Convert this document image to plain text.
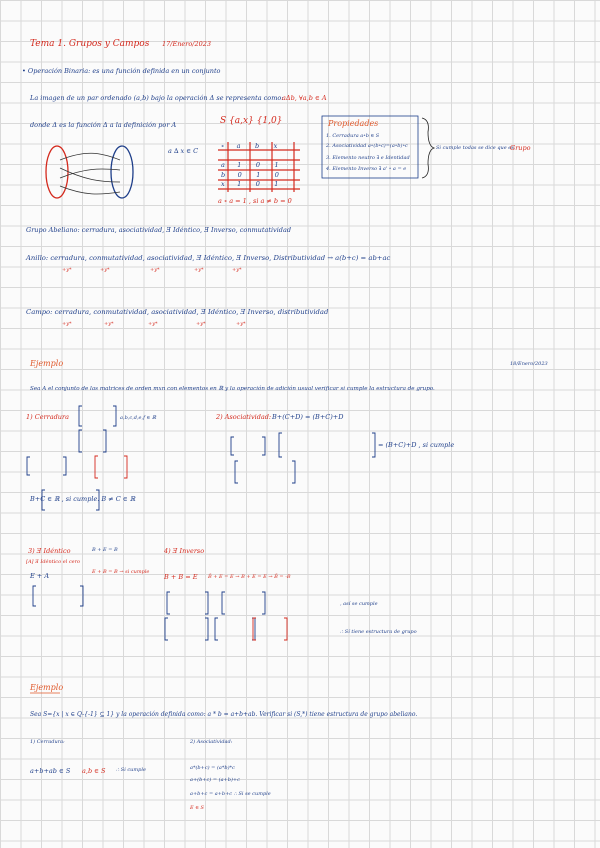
Tema 1. Grupos y Campos 17/Enero/2023
• Operación Binaria: es una función definida en un conjunto
La imagen de un par ordenado (a,b) bajo la operación Δ se representa como:
aΔb, ∀a,b ∈ A
donde Δ es la función Δ a la definición por A	S {a,x} {1,0}
a ∆ x ∈ C
∘ a b x
a 1 0 1
b 0 1 0
x 1 0 1
a ∘ a = 1 , si a ≠ b = 0
Propiedades
1. Cerradura a∘b ∈ S
2. Asociatividad a∘(b∘c)=(a∘b)∘c
3. Elemento neutro ∃ e Identidad
4. Elemento Inverso ∃ a' ∘ a = e
Si cumple todas se dice que es
Grupo
Grupo Abeliano: cerradura, asociatividad, Ǝ Idéntico, Ǝ Inverso, conmutatividad
Anillo: cerradura, conmutatividad, asociatividad, Ǝ Idéntico, Ǝ Inverso, Distributividad → a(b+c) = ab+ac
+y*	+y*	+y*	+y*	+y*
Campo: cerradura, conmutatividad, asociatividad, Ǝ Idéntico, Ǝ Inverso, distributividad
+y*	+y*	+y*	+y*	+y*
Ejemplo	18/Enero/2023
Sea A el conjunto de las matrices de orden mxn con elementos en ℝ y la operación de adición usual verificar si cumple la estructura de grupo.
1) Cerradura	a,b,c,d,e,f ∈ ℝ	2) Asociatividad: B+(C+D) = (B+C)+D
= (B+C)+D , si cumple
B+C ∈ ℝ , si cumple. B ≠ C ∈ ℝ
3) Ǝ Idéntico
[A] Ǝ Idéntico el cero
E + A
B + E = B
E + B = B → si cumple
4) Ǝ Inverso
B + B = E B̃ + E = E → B + E = E → B̃ = -B
, así se cumple
∴ Sí tiene estructura de grupo
Ejemplo
Sea S={x | x ∈ Q-{-1} ⊆ 1} y la operación definida como: a * b = a+b+ab. Verificar si (S,*) tiene estructura de grupo abeliano.
1) Cerradura:	2) Asociatividad:
a+b+ab ∈ S a,b ∈ S ∴ Si cumple	a*(b+c) = (a*b)*c
a+(b+c) = (a+b)+c
a+b+c = a+b+c ∴ Si se cumple
E ∈ S
